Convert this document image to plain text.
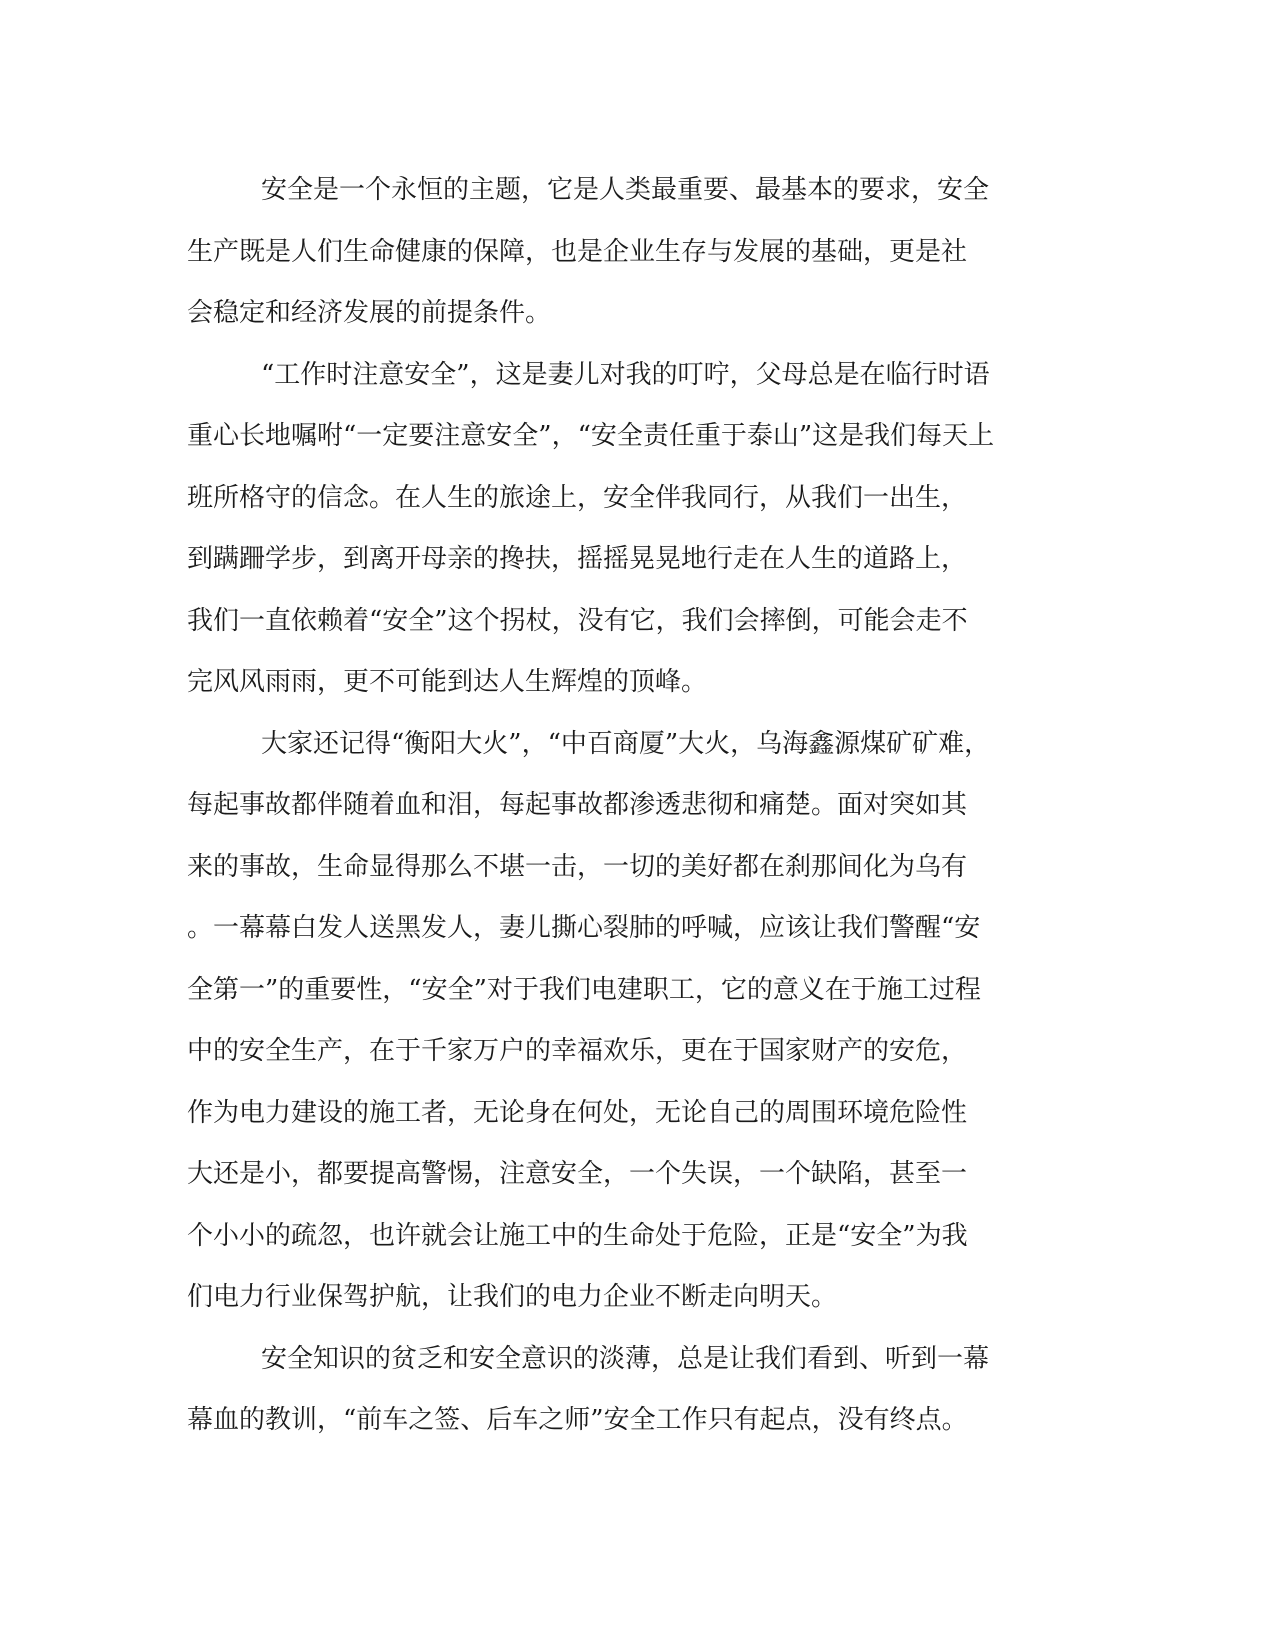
安全是一个永恒的主题，它是人类最重要、最基本的要求，安全
生产既是人们生命健康的保障，也是企业生存与发展的基础，更是社
会稳定和经济发展的前提条件。
“工作时注意安全”，这是妻儿对我的叮咛，父母总是在临行时语
重心长地嘱咐“一定要注意安全”，“安全责任重于泰山”这是我们每天上
班所格守的信念。在人生的旅途上，安全伴我同行，从我们一出生，
到蹒跚学步，到离开母亲的搀扶，摇摇晃晃地行走在人生的道路上，
我们一直依赖着“安全”这个拐杖，没有它，我们会摔倒，可能会走不
完风风雨雨，更不可能到达人生辉煌的顶峰。
大家还记得“衡阳大火”，“中百商厦”大火，乌海鑫源煤矿矿难，
每起事故都伴随着血和泪，每起事故都渗透悲彻和痛楚。面对突如其
来的事故，生命显得那么不堪一击，一切的美好都在刹那间化为乌有
。一幕幕白发人送黑发人，妻儿撕心裂肺的呼喊，应该让我们警醒“安
全第一”的重要性，“安全”对于我们电建职工，它的意义在于施工过程
中的安全生产，在于千家万户的幸福欢乐，更在于国家财产的安危，
作为电力建设的施工者，无论身在何处，无论自己的周围环境危险性
大还是小，都要提高警惕，注意安全，一个失误，一个缺陷，甚至一
个小小的疏忽，也许就会让施工中的生命处于危险，正是“安全”为我
们电力行业保驾护航，让我们的电力企业不断走向明天。
安全知识的贫乏和安全意识的淡薄，总是让我们看到、听到一幕
幕血的教训，“前车之签、后车之师”安全工作只有起点，没有终点。
